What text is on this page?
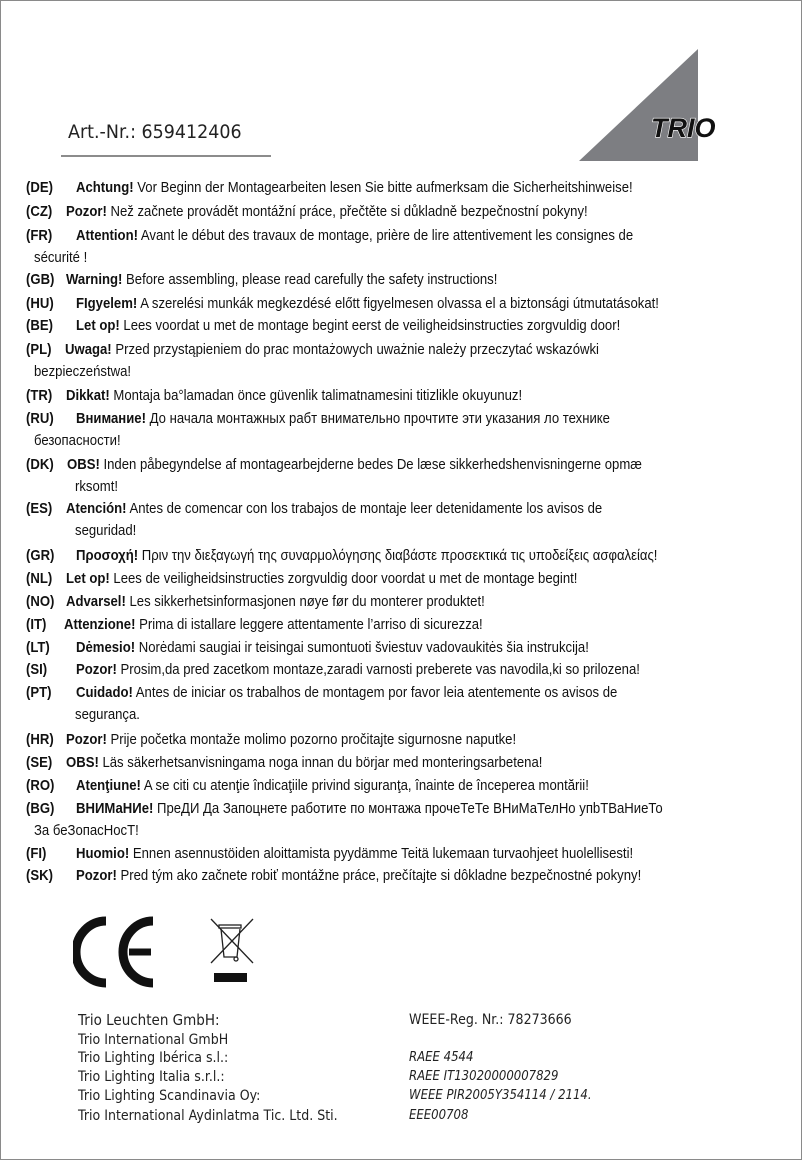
Art.-Nr.: 659412406	TRIO
(DE) Achtung! Vor Beginn der Montagearbeiten lesen Sie bitte aufmerksam die Sicherheitshinweise!
(CZ) Pozor! Než začnete provádět montážní práce, přečtěte si důkladně bezpečnostní pokyny!
(FR) Attention! Avant le début des travaux de montage, prière de lire attentivement les consignes de
sécurité !
(GB) Warning! Before assembling, please read carefully the safety instructions!
(HU) FIgyelem! A szerelési munkák megkezdésé előtt figyelmesen olvassa el a biztonsági útmutatásokat!
(BE) Let op! Lees voordat u met de montage begint eerst de veiligheidsinstructies zorgvuldig door!
(PL) Uwaga! Przed przystąpieniem do prac montażowych uważnie należy przeczytać wskazówki
bezpieczeństwa!
(TR) Dikkat! Montaja ba°lamadan önce güvenlik talimatnamesini titizlikle okuyunuz!
(RU) Внимание! До начала монтажных рабт внимательно прочтите эти указания ло технике
безопасности!
(DK) OBS! Inden påbegyndelse af montagearbejderne bedes De læse sikkerhedshenvisningerne opmæ
rksomt!
(ES) Atención! Antes de comencar con los trabajos de montaje leer detenidamente los avisos de
seguridad!
(GR) Προσοχή! Πριν την διεξαγωγή της συναρμολόγησης διαβάστε προσεκτικά τις υποδείξεις ασφαλείας!
(NL) Let op! Lees de veiligheidsinstructies zorgvuldig door voordat u met de montage begint!
(NO) Advarsel! Les sikkerhetsinformasjonen nøye før du monterer produktet!
(IT) Attenzione! Prima di istallare leggere attentamente l’arriso di sicurezza!
(LT) Dėmesio! Norėdami saugiai ir teisingai sumontuoti šviestuv vadovaukitės šia instrukcija!
(SI) Pozor! Prosim,da pred zacetkom montaze,zaradi varnosti preberete vas navodila,ki so prilozena!
(PT) Cuidado! Antes de iniciar os trabalhos de montagem por favor leia atentemente os avisos de
segurança.
(HR) Pozor! Prije početka montaže molimo pozorno pročitajte sigurnosne naputke!
(SE) OBS! Läs säkerhetsanvisningama noga innan du börjar med monteringsarbetena!
(RO) Atenţiune! A se citi cu atenţie îndicaţiile privind siguranţa, înainte de începerea montării!
(BG) ВНИМаНИе! ПреДИ Да Запоцнете работите по монтажа прочеТеТе ВНиМаТелНо упbТВаНиеТо
За беЗопасНосТ!
(FI) Huomio! Ennen asennustöiden aloittamista pyydämme Teitä lukemaan turvaohjeet huolellisesti!
(SK) Pozor! Pred tým ako začnete robiť montážne práce, prečítajte si dôkladne bezpečnostné pokyny!
Trio Leuchten GmbH:
Trio International GmbH
Trio Lighting Ibérica s.l.:
Trio Lighting Italia s.r.l.:
Trio Lighting Scandinavia Oy:
Trio International Aydinlatma Tic. Ltd. Sti.
WEEE-Reg. Nr.: 78273666
RAEE 4544
RAEE IT13020000007829
WEEE PIR2005Y354114 / 2114.
EEE00708
